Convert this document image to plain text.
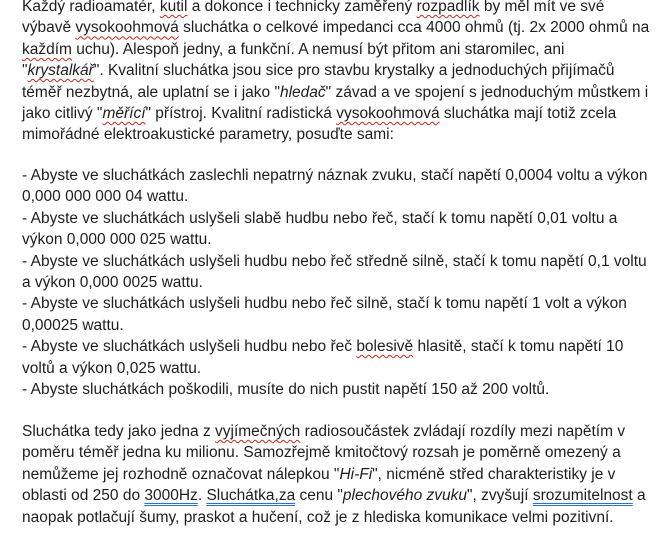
Každý radioamatér, kutil a dokonce i technicky zaměřený rozpadlík by měl mít ve své
výbavě vysokoohmová sluchátka o celkové impedanci cca 4000 ohmů (tj. 2x 2000 ohmů na
každím uchu). Alespoň jedny, a funkční. A nemusí být přitom ani staromilec, ani
"krystalkář". Kvalitní sluchátka jsou sice pro stavbu krystalky a jednoduchých přijímačů
téměř nezbytná, ale uplatní se i jako "hledač" závad a ve spojení s jednoduchým můstkem i
jako citlivý "měřící" přístroj. Kvalitní radistická vysokoohmová sluchátka mají totiž zcela
mimořádné elektroakustické parametry, posuďte sami:
- Abyste ve sluchátkách zaslechli nepatrný náznak zvuku, stačí napětí 0,0004 voltu a výkon
0,000 000 000 04 wattu.
- Abyste ve sluchátkách uslyšeli slabě hudbu nebo řeč, stačí k tomu napětí 0,01 voltu a
výkon 0,000 000 025 wattu.
- Abyste ve sluchátkách uslyšeli hudbu nebo řeč středně silně, stačí k tomu napětí 0,1 voltu
a výkon 0,000 0025 wattu.
- Abyste ve sluchátkách uslyšeli hudbu nebo řeč silně, stačí k tomu napětí 1 volt a výkon
0,00025 wattu.
- Abyste ve sluchátkách uslyšeli hudbu nebo řeč bolesivě hlasitě, stačí k tomu napětí 10
voltů a výkon 0,025 wattu.
- Abyste sluchátkách poškodili, musíte do nich pustit napětí 150 až 200 voltů.
Sluchátka tedy jako jedna z vyjímečných radiosoučástek zvládají rozdíly mezi napětím v
poměru téměř jedna ku milionu. Samozřejmě kmitočtový rozsah je poměrně omezený a
nemůžeme jej rozhodně označovat nálepkou "Hi-Fi", nicméně střed charakteristiky je v
oblasti od 250 do 3000Hz. Sluchátka,za cenu "plechového zvuku", zvyšují srozumitelnost a
naopak potlačují šumy, praskot a hučení, což je z hlediska komunikace velmi pozitivní.
